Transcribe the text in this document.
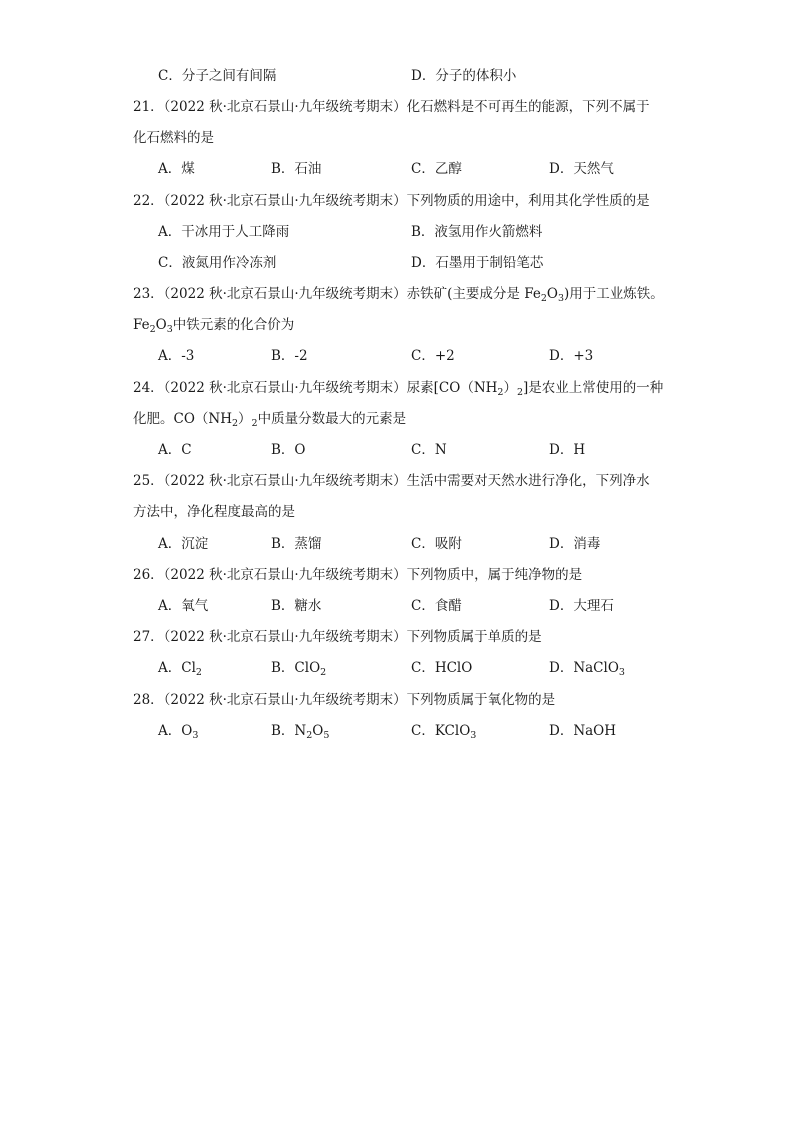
C．分子之间有间隔	D．分子的体积小
21．（2022 秋·北京石景山·九年级统考期末）化石燃料是不可再生的能源，下列不属于
化石燃料的是
A．煤	B．石油	C．乙醇	D．天然气
22．（2022 秋·北京石景山·九年级统考期末）下列物质的用途中，利用其化学性质的是
A．干冰用于人工降雨	B．液氢用作火箭燃料
C．液氮用作冷冻剂	D．石墨用于制铅笔芯
23．（2022 秋·北京石景山·九年级统考期末）赤铁矿(主要成分是 $Fe_2O_3$)用于工业炼铁。
$Fe_2O_3$中铁元素的化合价为
A．-3	B．-2	C．+2	D．+3
24．（2022 秋·北京石景山·九年级统考期末）尿素$[CO(NH_2)_2]$是农业上常使用的一种
化肥。$CO(NH_2)_2$中质量分数最大的元素是
A．C	B．O	C．N	D．H
25．（2022 秋·北京石景山·九年级统考期末）生活中需要对天然水进行净化，下列净水
方法中，净化程度最高的是
A．沉淀	B．蒸馏	C．吸附	D．消毒
26．（2022 秋·北京石景山·九年级统考期末）下列物质中，属于纯净物的是
A．氧气	B．糖水	C．食醋	D．大理石
27．（2022 秋·北京石景山·九年级统考期末）下列物质属于单质的是
A．$Cl_2$	B．ClO$_2$	C．HClO	D．NaClO$_3$
28．（2022 秋·北京石景山·九年级统考期末）下列物质属于氧化物的是
A．$O_3$	B．$N_2O_5$	C．KClO$_3$	D．NaOH
